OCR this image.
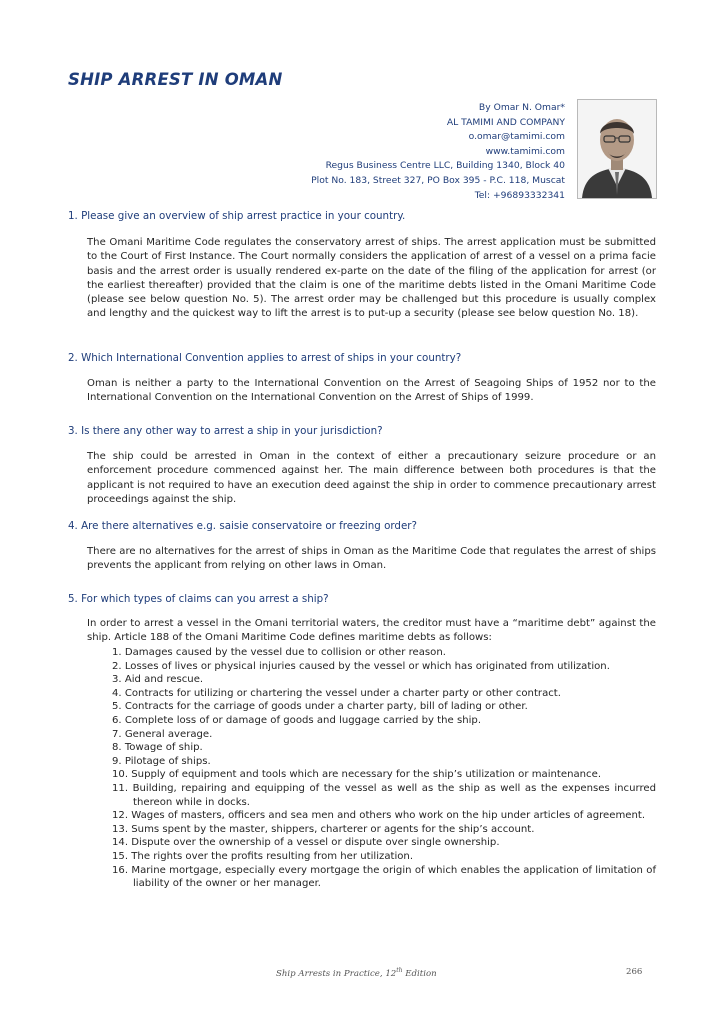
SHIP ARREST IN OMAN
By Omar N. Omar*
AL TAMIMI AND COMPANY
o.omar@tamimi.com
www.tamimi.com
Regus Business Centre LLC, Building 1340, Block 40
Plot No. 183, Street 327, PO Box 395 - P.C. 118, Muscat
Tel: +96893332341
1. Please give an overview of ship arrest practice in your country.
The Omani Maritime Code regulates the conservatory arrest of ships. The arrest application must be submitted to the Court of First Instance. The Court normally considers the application of arrest of a vessel on a prima facie basis and the arrest order is usually rendered ex-parte on the date of the filing of the application for arrest (or the earliest thereafter) provided that the claim is one of the maritime debts listed in the Omani Maritime Code (please see below question No. 5). The arrest order may be challenged but this procedure is usually complex and lengthy and the quickest way to lift the arrest is to put-up a security (please see below question No. 18).
2. Which International Convention applies to arrest of ships in your country?
Oman is neither a party to the International Convention on the Arrest of Seagoing Ships of 1952 nor to the International Convention on the International Convention on the Arrest of Ships of 1999.
3. Is there any other way to arrest a ship in your jurisdiction?
The ship could be arrested in Oman in the context of either a precautionary seizure procedure or an enforcement procedure commenced against her. The main difference between both procedures is that the applicant is not required to have an execution deed against the ship in order to commence precautionary arrest proceedings against the ship.
4. Are there alternatives e.g. saisie conservatoire or freezing order?
There are no alternatives for the arrest of ships in Oman as the Maritime Code that regulates the arrest of ships prevents the applicant from relying on other laws in Oman.
5. For which types of claims can you arrest a ship?
In order to arrest a vessel in the Omani territorial waters, the creditor must have a “maritime debt” against the ship. Article 188 of the Omani Maritime Code defines maritime debts as follows:
1. Damages caused by the vessel due to collision or other reason.
2. Losses of lives or physical injuries caused by the vessel or which has originated from utilization.
3. Aid and rescue.
4. Contracts for utilizing or chartering the vessel under a charter party or other contract.
5. Contracts for the carriage of goods under a charter party, bill of lading or other.
6. Complete loss of or damage of goods and luggage carried by the ship.
7. General average.
8. Towage of ship.
9. Pilotage of ships.
10. Supply of equipment and tools which are necessary for the ship’s utilization or maintenance.
11. Building, repairing and equipping of the vessel as well as the ship as well as the expenses incurred thereon while in docks.
12. Wages of masters, officers and sea men and others who work on the hip under articles of agreement.
13. Sums spent by the master, shippers, charterer or agents for the ship’s account.
14. Dispute over the ownership of a vessel or dispute over single ownership.
15. The rights over the profits resulting from her utilization.
16. Marine mortgage, especially every mortgage the origin of which enables the application of limitation of liability of the owner or her manager.
Ship Arrests in Practice, 12th Edition	266
